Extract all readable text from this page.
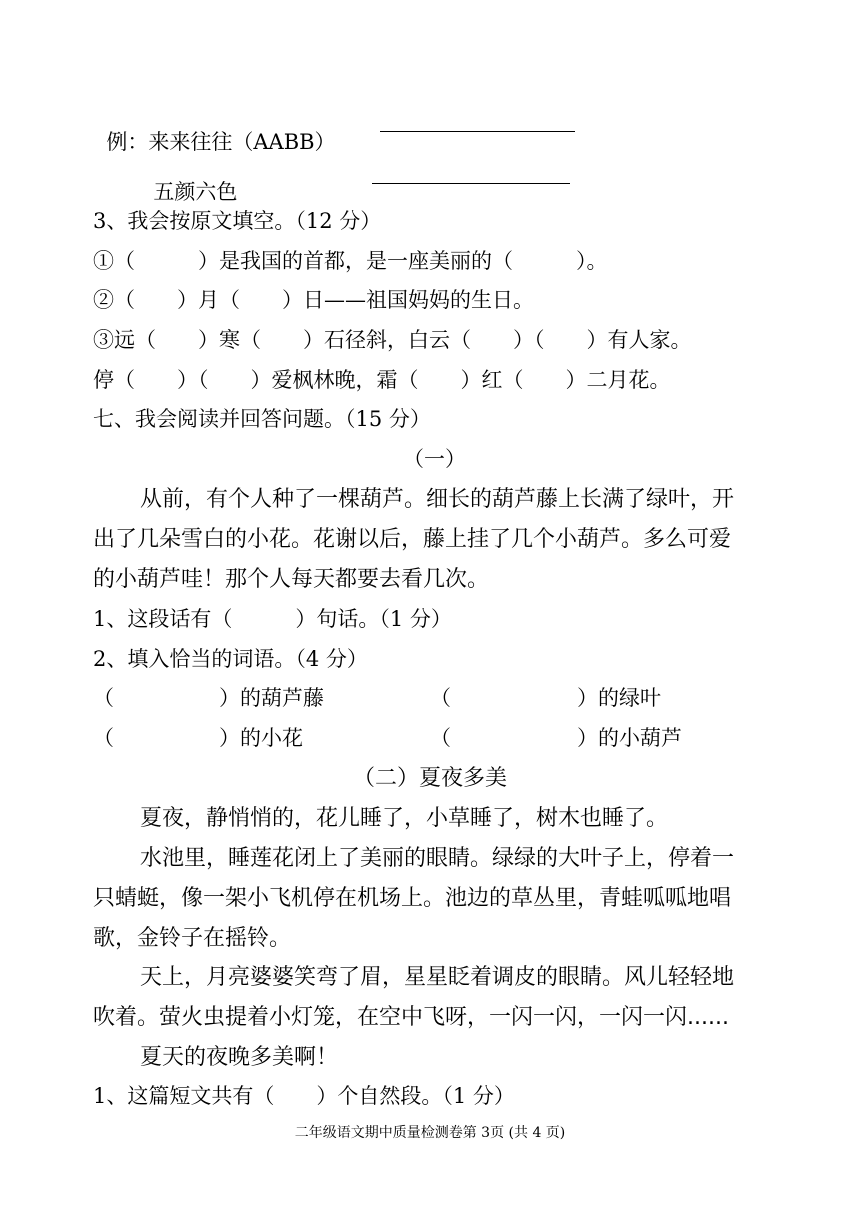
例：来来往往（AABB）

五颜六色

3、我会按原文填空。（12 分）
①（　　　）是我国的首都，是一座美丽的（　　　）。
②（　　）月（　　）日——祖国妈妈的生日。
③远（　　）寒（　　）石径斜，白云（　　）（　　）有人家。
停（　　）（　　）爱枫林晚，霜（　　）红（　　）二月花。
七、我会阅读并回答问题。（15 分）
（一）
从前，有个人种了一棵葫芦。细长的葫芦藤上长满了绿叶，开
出了几朵雪白的小花。花谢以后，藤上挂了几个小葫芦。多么可爱
的小葫芦哇！那个人每天都要去看几次。
1、这段话有（　　　）句话。（1 分）
2、填入恰当的词语。（4 分）
（　　　　　）的葫芦藤	（　　　　　　）的绿叶
（　　　　　）的小花	（　　　　　　）的小葫芦
（二）夏夜多美
夏夜，静悄悄的，花儿睡了，小草睡了，树木也睡了。
水池里，睡莲花闭上了美丽的眼睛。绿绿的大叶子上，停着一
只蜻蜓，像一架小飞机停在机场上。池边的草丛里，青蛙呱呱地唱
歌，金铃子在摇铃。
天上，月亮婆婆笑弯了眉，星星眨着调皮的眼睛。风儿轻轻地
吹着。萤火虫提着小灯笼，在空中飞呀，一闪一闪，一闪一闪......
夏天的夜晚多美啊！
1、这篇短文共有（　　）个自然段。（1 分）
二年级语文期中质量检测卷第 3页 (共 4 页)
